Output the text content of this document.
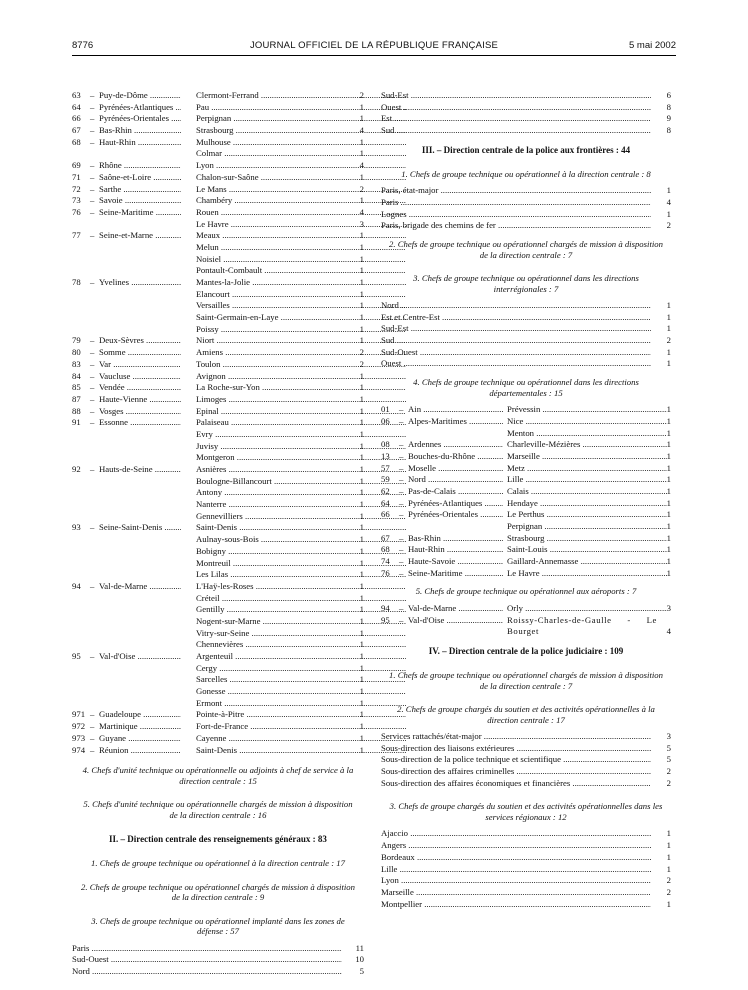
8776	JOURNAL OFFICIEL DE LA RÉPUBLIQUE FRANÇAISE	5 mai 2002
63 – Puy-de-Dôme .....	Clermont-Ferrand .....	2
64 – Pyrénées-Atlantiques .....	Pau .....	1
66 – Pyrénées-Orientales .....	Perpignan .....	1
67 – Bas-Rhin .....	Strasbourg .....	4
68 – Haut-Rhin .....	Mulhouse .....	1
Colmar .....	1
69 – Rhône .....	Lyon .....	4
71 – Saône-et-Loire .....	Chalon-sur-Saône .....	1
72 – Sarthe .....	Le Mans .....	2
73 – Savoie .....	Chambéry .....	1
76 – Seine-Maritime .....	Rouen .....	4
Le Havre .....	3
77 – Seine-et-Marne .....	Meaux .....	1
Melun .....	1
Noisiel .....	1
Pontault-Combault .....	1
78 – Yvelines .....	Mantes-la-Jolie .....	1
Elancourt .....	1
Versailles .....	1
Saint-Germain-en-Laye .....	1
Poissy .....	1
79 – Deux-Sèvres .....	Niort .....	1
80 – Somme .....	Amiens .....	2
83 – Var .....	Toulon .....	2
84 – Vaucluse .....	Avignon .....	1
85 – Vendée .....	La Roche-sur-Yon .....	1
87 – Haute-Vienne .....	Limoges .....	1
88 – Vosges .....	Epinal .....	1
91 – Essonne .....	Palaiseau .....	1
Evry .....	1
Juvisy .....	1
Montgeron .....	1
92 – Hauts-de-Seine .....	Asnières .....	1
Boulogne-Billancourt .....	1
Antony .....	1
Nanterre .....	1
Gennevilliers .....	1
93 – Seine-Saint-Denis .....	Saint-Denis .....	1
Aulnay-sous-Bois .....	1
Bobigny .....	1
Montreuil .....	1
Les Lilas .....	1
94 – Val-de-Marne .....	L'Haÿ-les-Roses .....	1
Créteil .....	1
Gentilly .....	1
Nogent-sur-Marne .....	1
Vitry-sur-Seine .....	1
Chennevières .....	1
95 – Val-d'Oise .....	Argenteuil .....	1
Cergy .....	1
Sarcelles .....	1
Gonesse .....	1
Ermont .....	1
971 – Guadeloupe .....	Pointe-à-Pitre .....	1
972 – Martinique .....	Fort-de-France .....	1
973 – Guyane .....	Cayenne .....	1
974 – Réunion .....	Saint-Denis .....	1
4. Chefs d'unité technique ou opérationnelle ou adjoints à chef de service à la direction centrale : 15
5. Chefs d'unité technique ou opérationnelle chargés de mission à disposition de la direction centrale : 16
II. – Direction centrale des renseignements généraux : 83
1. Chefs de groupe technique ou opérationnel à la direction centrale : 17
2. Chefs de groupe technique ou opérationnel chargés de mission à disposition de la direction centrale : 9
3. Chefs de groupe technique ou opérationnel implanté dans les zones de défense : 57
Paris .....	11
Sud-Ouest .....	10
Nord .....	5
Sud-Est .....	6
Ouest .....	8
Est .....	9
Sud .....	8
III. – Direction centrale de la police aux frontières : 44
1. Chefs de groupe technique ou opérationnel à la direction centrale : 8
Paris, état-major .....	1
Paris .....	4
Lognes .....	1
Paris, brigade des chemins de fer .....	2
2. Chefs de groupe technique ou opérationnel chargés de mission à disposition de la direction centrale : 7
3. Chefs de groupe technique ou opérationnel dans les directions interrégionales : 7
Nord .....	1
Est et Centre-Est .....	1
Sud-Est .....	1
Sud .....	2
Sud-Ouest .....	1
Ouest .....	1
4. Chefs de groupe technique ou opérationnel dans les directions départementales : 15
01 – Ain .....	Prévessin .....	1
06 – Alpes-Maritimes .....	Nice .....	1
Menton .....	1
08 – Ardennes .....	Charleville-Mézières .....	1
13 – Bouches-du-Rhône .....	Marseille .....	1
57 – Moselle .....	Metz .....	1
59 – Nord .....	Lille .....	1
62 – Pas-de-Calais .....	Calais .....	1
64 – Pyrénées-Atlantiques .....	Hendaye .....	1
66 – Pyrénées-Orientales .....	Le Perthus .....	1
Perpignan .....	1
67 – Bas-Rhin .....	Strasbourg .....	1
68 – Haut-Rhin .....	Saint-Louis .....	1
74 – Haute-Savoie .....	Gaillard-Annemasse .....	1
76 – Seine-Maritime .....	Le Havre .....	1
5. Chefs de groupe technique ou opérationnel aux aéroports : 7
94 – Val-de-Marne .....	Orly .....	3
95 – Val-d'Oise .....	Roissy-Charles-de-Gaulle - Le Bourget	4
IV. – Direction centrale de la police judiciaire : 109
1. Chefs de groupe technique ou opérationnel chargés de mission à disposition de la direction centrale : 7
2. Chefs de groupe chargés du soutien et des activités opérationnelles à la direction centrale : 17
Services rattachés/état-major .....	3
Sous-direction des liaisons extérieures .....	5
Sous-direction de la police technique et scientifique .....	5
Sous-direction des affaires criminelles .....	2
Sous-direction des affaires économiques et financières .....	2
3. Chefs de groupe chargés du soutien et des activités opérationnelles dans les services régionaux : 12
Ajaccio .....	1
Angers .....	1
Bordeaux .....	1
Lille .....	1
Lyon .....	2
Marseille .....	2
Montpellier .....	1
